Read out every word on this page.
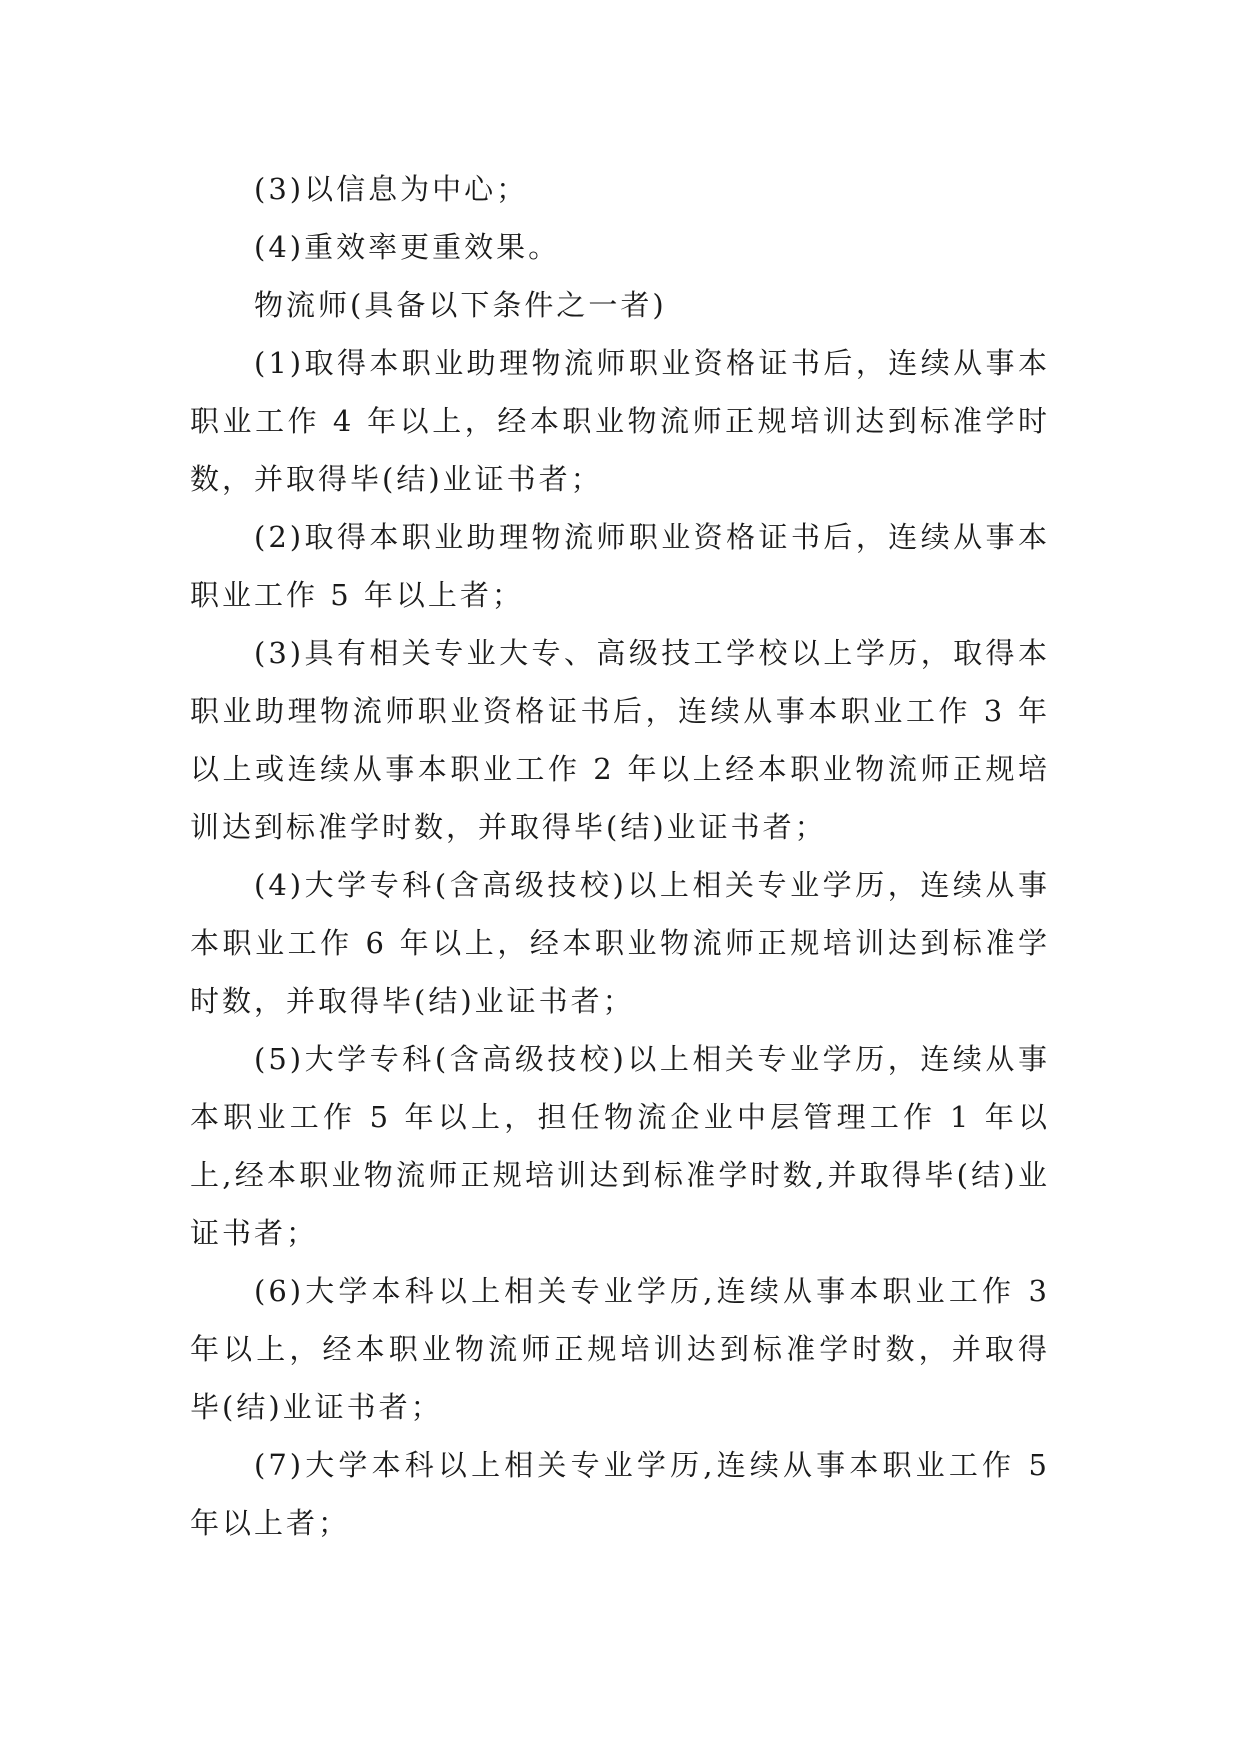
(3)以信息为中心；

(4)重效率更重效果。

物流师(具备以下条件之一者)

(1)取得本职业助理物流师职业资格证书后，连续从事本职业工作 4 年以上，经本职业物流师正规培训达到标准学时数，并取得毕(结)业证书者；

(2)取得本职业助理物流师职业资格证书后，连续从事本职业工作 5 年以上者；

(3)具有相关专业大专、高级技工学校以上学历，取得本职业助理物流师职业资格证书后，连续从事本职业工作 3 年以上或连续从事本职业工作 2 年以上经本职业物流师正规培训达到标准学时数，并取得毕(结)业证书者；

(4)大学专科(含高级技校)以上相关专业学历，连续从事本职业工作 6 年以上，经本职业物流师正规培训达到标准学时数，并取得毕(结)业证书者；

(5)大学专科(含高级技校)以上相关专业学历，连续从事本职业工作 5 年以上，担任物流企业中层管理工作 1 年以上,经本职业物流师正规培训达到标准学时数,并取得毕(结)业证书者；

(6)大学本科以上相关专业学历,连续从事本职业工作 3 年以上，经本职业物流师正规培训达到标准学时数，并取得毕(结)业证书者；

(7)大学本科以上相关专业学历,连续从事本职业工作 5 年以上者；
